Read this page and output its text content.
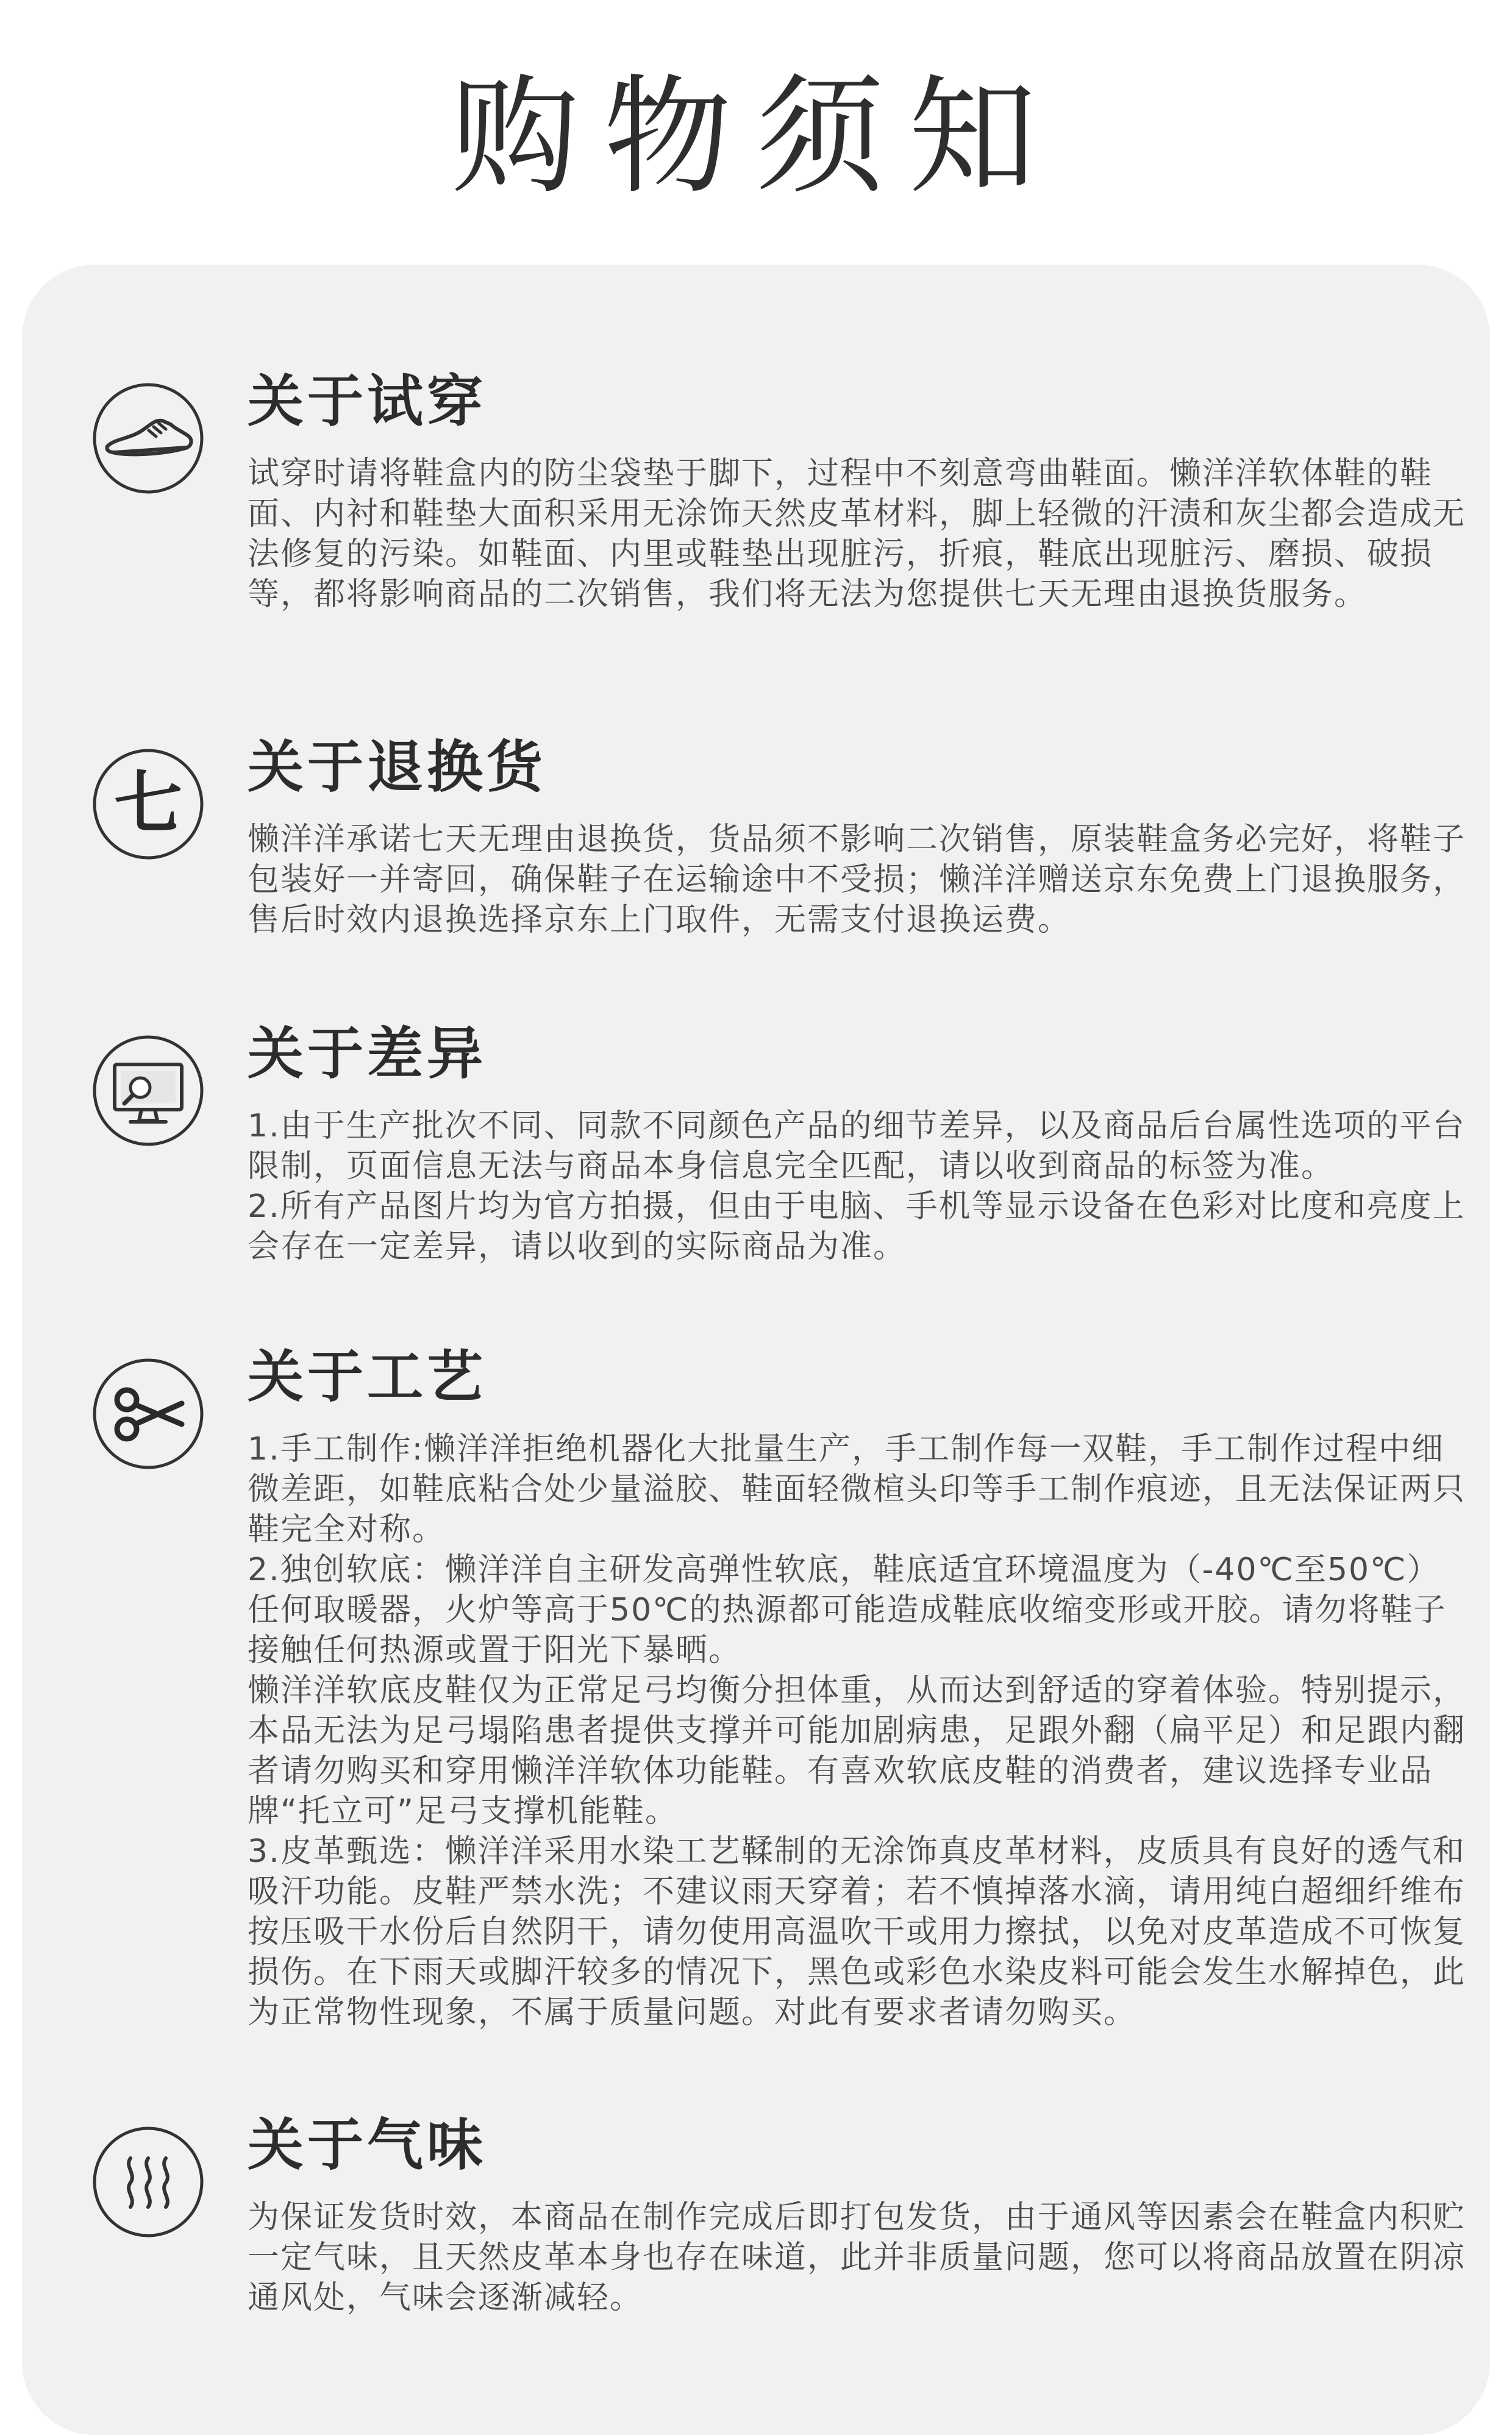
购物须知
关于试穿

试穿时请将鞋盒内的防尘袋垫于脚下，过程中不刻意弯曲鞋面。懒洋洋软体鞋的鞋面、内衬和鞋垫大面积采用无涂饰天然皮革材料，脚上轻微的汗渍和灰尘都会造成无法修复的污染。如鞋面、内里或鞋垫出现脏污，折痕，鞋底出现脏污、磨损、破损等，都将影响商品的二次销售，我们将无法为您提供七天无理由退换货服务。

七 关于退换货

懒洋洋承诺七天无理由退换货，货品须不影响二次销售，原装鞋盒务必完好，将鞋子包装好一并寄回，确保鞋子在运输途中不受损；懒洋洋赠送京东免费上门退换服务，售后时效内退换选择京东上门取件，无需支付退换运费。

关于差异

1.由于生产批次不同、同款不同颜色产品的细节差异，以及商品后台属性选项的平台限制，页面信息无法与商品本身信息完全匹配，请以收到商品的标签为准。

2.所有产品图片均为官方拍摄，但由于电脑、手机等显示设备在色彩对比度和亮度上会存在一定差异，请以收到的实际商品为准。

关于工艺

1.手工制作:懒洋洋拒绝机器化大批量生产，手工制作每一双鞋，手工制作过程中细微差距，如鞋底粘合处少量溢胶、鞋面轻微楦头印等手工制作痕迹，且无法保证两只鞋完全对称。

2.独创软底：懒洋洋自主研发高弹性软底，鞋底适宜环境温度为（-40℃至50℃）任何取暖器，火炉等高于50℃的热源都可能造成鞋底收缩变形或开胶。请勿将鞋子接触任何热源或置于阳光下暴晒。

懒洋洋软底皮鞋仅为正常足弓均衡分担体重，从而达到舒适的穿着体验。特别提示，本品无法为足弓塌陷患者提供支撑并可能加剧病患，足跟外翻（扁平足）和足跟内翻者请勿购买和穿用懒洋洋软体功能鞋。有喜欢软底皮鞋的消费者，建议选择专业品牌“托立可”足弓支撑机能鞋。

3.皮革甄选：懒洋洋采用水染工艺鞣制的无涂饰真皮革材料，皮质具有良好的透气和吸汗功能。皮鞋严禁水洗；不建议雨天穿着；若不慎掉落水滴，请用纯白超细纤维布按压吸干水份后自然阴干，请勿使用高温吹干或用力擦拭，以免对皮革造成不可恢复损伤。在下雨天或脚汗较多的情况下，黑色或彩色水染皮料可能会发生水解掉色，此为正常物性现象，不属于质量问题。对此有要求者请勿购买。

关于气味

为保证发货时效，本商品在制作完成后即打包发货，由于通风等因素会在鞋盒内积贮一定气味，且天然皮革本身也存在味道，此并非质量问题，您可以将商品放置在阴凉通风处，气味会逐渐减轻。
